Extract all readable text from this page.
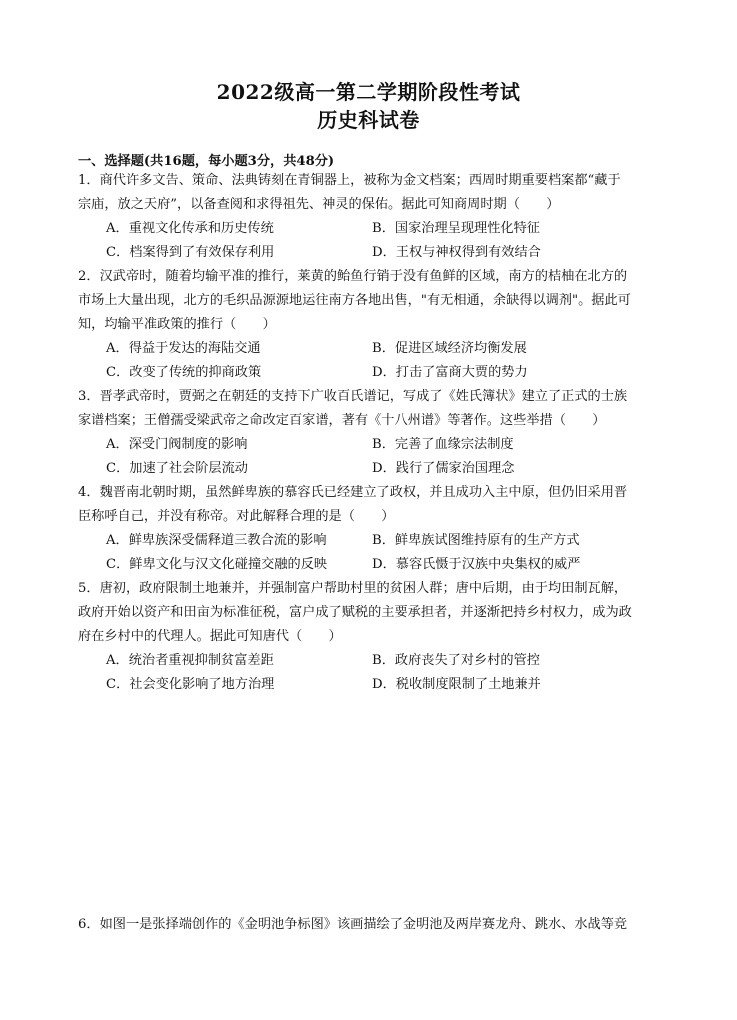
2022级高一第二学期阶段性考试
历史科试卷
一、选择题(共16题，每小题3分，共48分)
1．商代许多文告、策命、法典铸刻在青铜器上，被称为金文档案；西周时期重要档案都“藏于
宗庙，放之天府”，以备查阅和求得祖先、神灵的保佑。据此可知商周时期（　　）
A．重视文化传承和历史传统	B．国家治理呈现理性化特征
C．档案得到了有效保存利用	D．王权与神权得到有效结合
2．汉武帝时，随着均输平准的推行，莱黄的鲐鱼行销于没有鱼鲜的区域，南方的桔柚在北方的
市场上大量出现，北方的毛织品源源地运往南方各地出售，"有无相通，余缺得以调剂"。据此可
知，均输平准政策的推行（　　）
A．得益于发达的海陆交通	B．促进区域经济均衡发展
C．改变了传统的抑商政策	D．打击了富商大贾的势力
3．晋孝武帝时，贾弼之在朝廷的支持下广收百氏谱记，写成了《姓氏簿状》建立了正式的士族
家谱档案；王僧孺受梁武帝之命改定百家谱，著有《十八州谱》等著作。这些举措（　　）
A．深受门阀制度的影响	B．完善了血缘宗法制度
C．加速了社会阶层流动	D．践行了儒家治国理念
4．魏晋南北朝时期，虽然鲜卑族的慕容氏已经建立了政权，并且成功入主中原，但仍旧采用晋
臣称呼自己，并没有称帝。对此解释合理的是（　　）
A．鲜卑族深受儒释道三教合流的影响	B．鲜卑族试图维持原有的生产方式
C．鲜卑文化与汉文化碰撞交融的反映	D．慕容氏慑于汉族中央集权的威严
5．唐初，政府限制土地兼并，并强制富户帮助村里的贫困人群；唐中后期，由于均田制瓦解，
政府开始以资产和田亩为标准征税，富户成了赋税的主要承担者，并逐渐把持乡村权力，成为政
府在乡村中的代理人。据此可知唐代（　　）
A．统治者重视抑制贫富差距	B．政府丧失了对乡村的管控
C．社会变化影响了地方治理	D．税收制度限制了土地兼并
6．如图一是张择端创作的《金明池争标图》该画描绘了金明池及两岸赛龙舟、跳水、水战等竞
